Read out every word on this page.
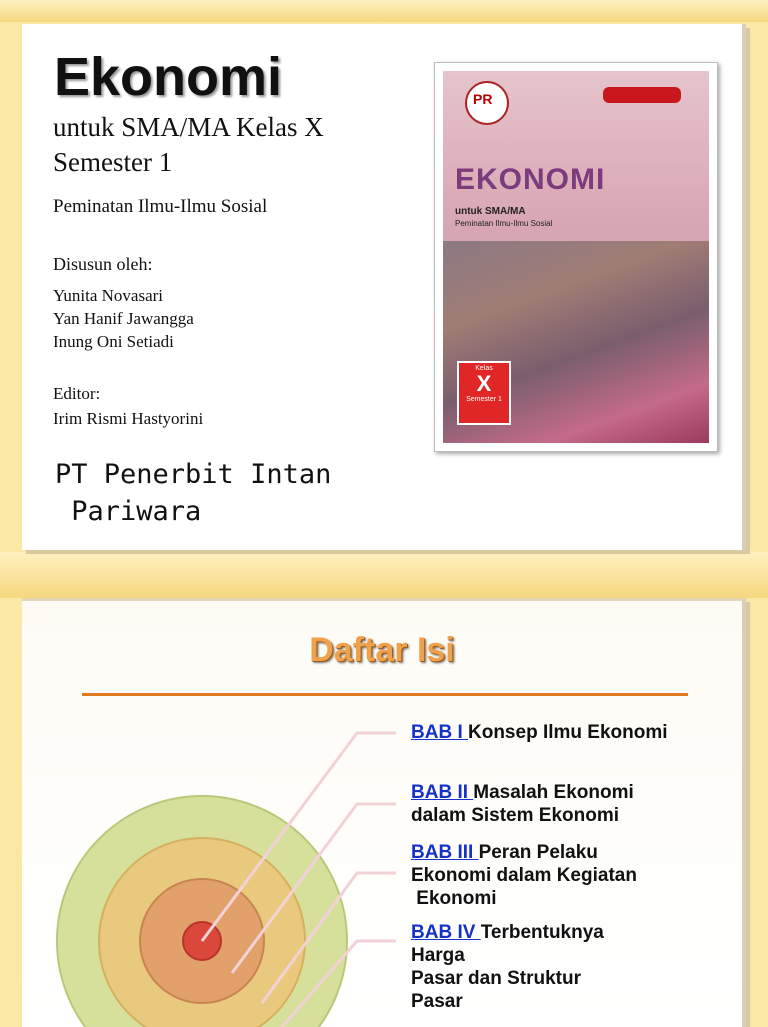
Ekonomi
untuk SMA/MA Kelas X
Semester 1
Peminatan Ilmu-Ilmu Sosial
Disusun oleh:
Yunita Novasari
Yan Hanif Jawangga
Inung Oni Setiadi
Editor:
Irim Rismi Hastyorini
PT Penerbit Intan
Pariwara
PR
EKONOMI
untuk SMA/MA
Peminatan Ilmu-Ilmu Sosial
Kelas
X
Semester 1
Daftar Isi
BAB I Konsep Ilmu Ekonomi
BAB II Masalah Ekonomi
dalam Sistem Ekonomi
BAB III Peran Pelaku
Ekonomi dalam Kegiatan
Ekonomi
BAB IV Terbentuknya
Harga
Pasar dan Struktur
Pasar
